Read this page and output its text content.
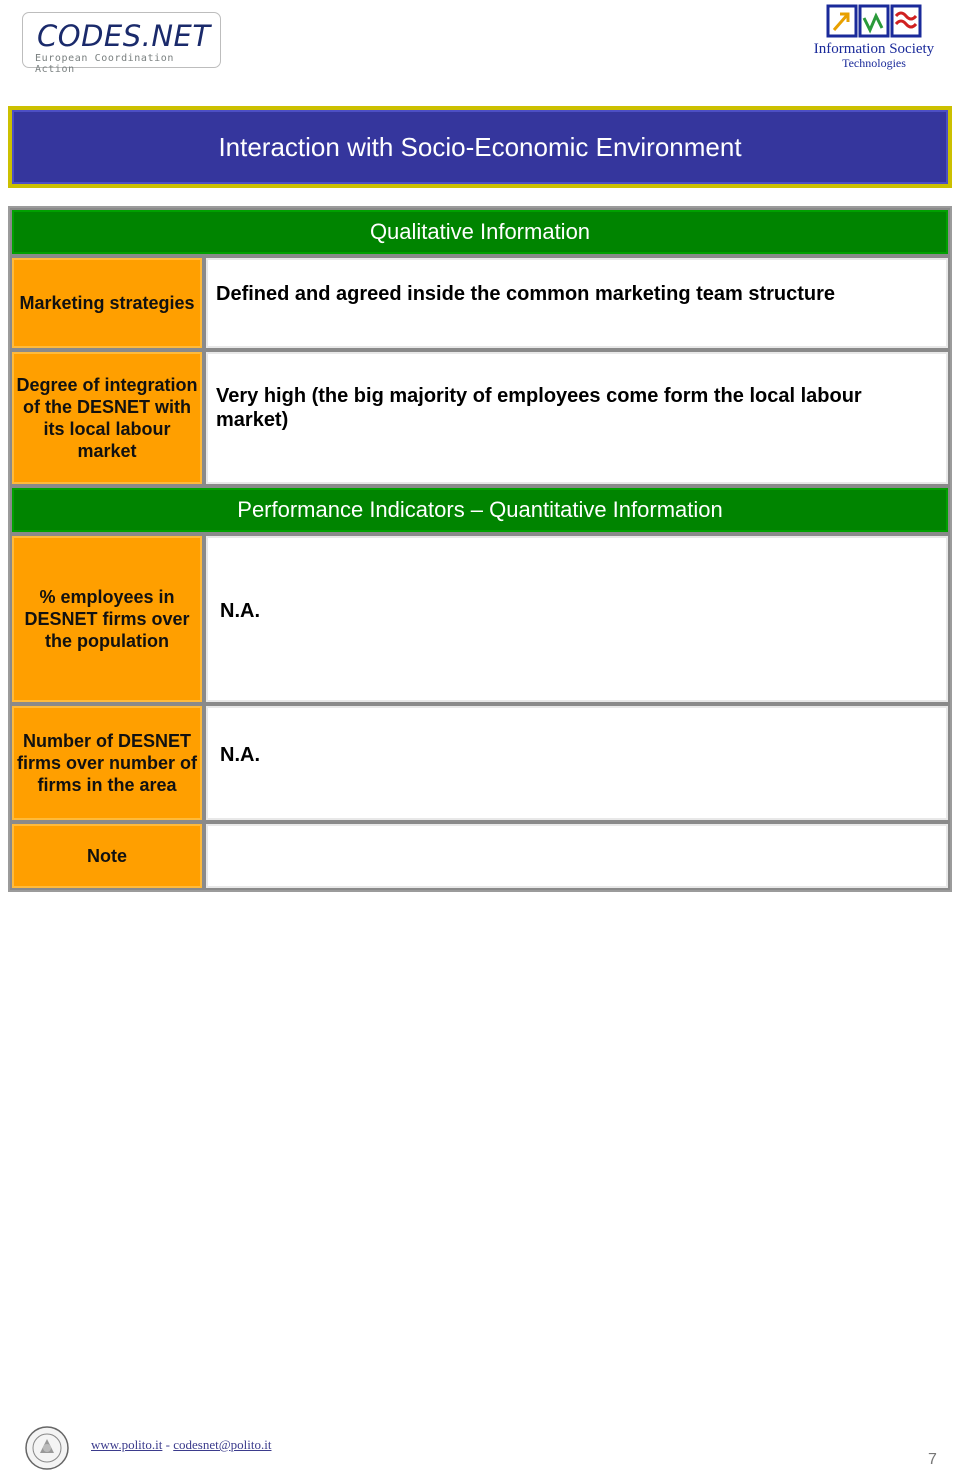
CODES.NET
European Coordination Action
Information Society
Technologies
Interaction with Socio-Economic Environment
Qualitative Information
Marketing strategies	Defined and agreed inside the common marketing team structure
Degree of integration of the DESNET with its local labour market
Very high (the big majority of employees come form the local labour market)
Performance Indicators – Quantitative Information
% employees in DESNET firms over the population
N.A.
Number of DESNET firms over number of firms in the area
N.A.
Note
www.polito.it - codesnet@polito.it
7
